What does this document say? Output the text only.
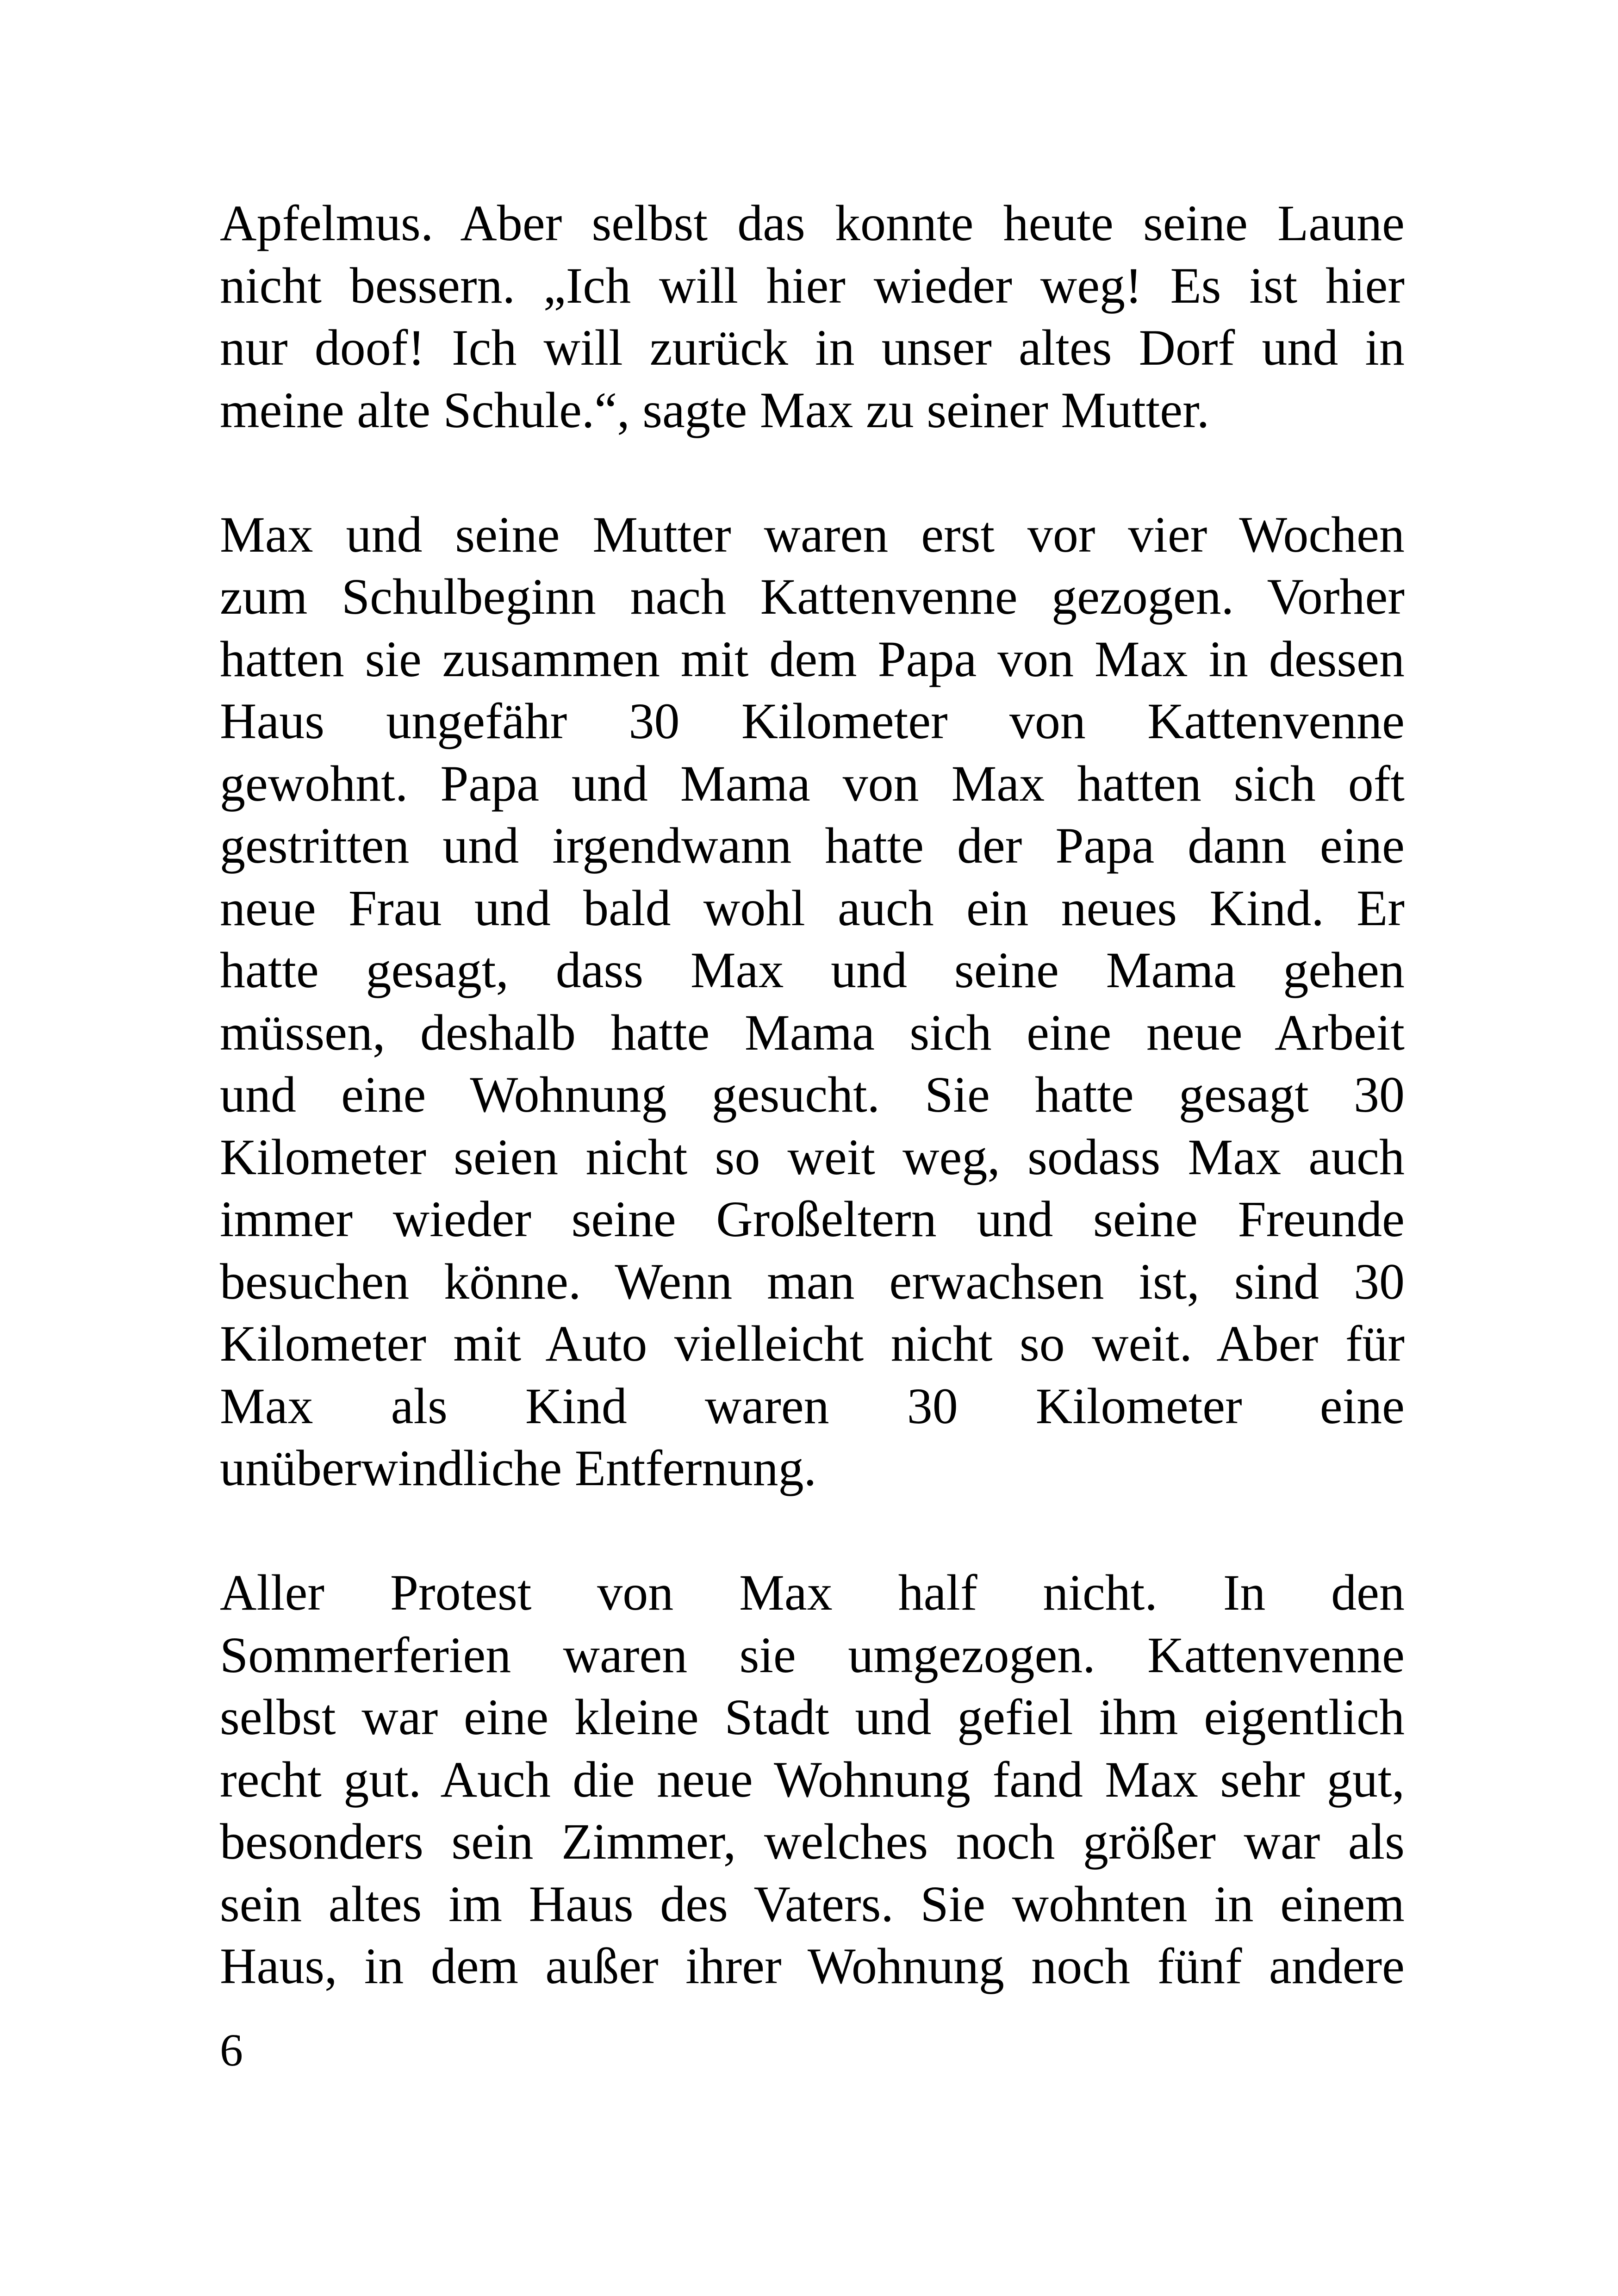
Apfelmus. Aber selbst das konnte heute seine Laune
nicht bessern. „Ich will hier wieder weg! Es ist hier
nur doof! Ich will zurück in unser altes Dorf und in
meine alte Schule.“, sagte Max zu seiner Mutter.

Max und seine Mutter waren erst vor vier Wochen
zum Schulbeginn nach Kattenvenne gezogen. Vorher
hatten sie zusammen mit dem Papa von Max in dessen
Haus ungefähr 30 Kilometer von Kattenvenne
gewohnt. Papa und Mama von Max hatten sich oft
gestritten und irgendwann hatte der Papa dann eine
neue Frau und bald wohl auch ein neues Kind. Er
hatte gesagt, dass Max und seine Mama gehen
müssen, deshalb hatte Mama sich eine neue Arbeit
und eine Wohnung gesucht. Sie hatte gesagt 30
Kilometer seien nicht so weit weg, sodass Max auch
immer wieder seine Großeltern und seine Freunde
besuchen könne. Wenn man erwachsen ist, sind 30
Kilometer mit Auto vielleicht nicht so weit. Aber für
Max als Kind waren 30 Kilometer eine
unüberwindliche Entfernung.

Aller Protest von Max half nicht. In den
Sommerferien waren sie umgezogen. Kattenvenne
selbst war eine kleine Stadt und gefiel ihm eigentlich
recht gut. Auch die neue Wohnung fand Max sehr gut,
besonders sein Zimmer, welches noch größer war als
sein altes im Haus des Vaters. Sie wohnten in einem
Haus, in dem außer ihrer Wohnung noch fünf andere

6
